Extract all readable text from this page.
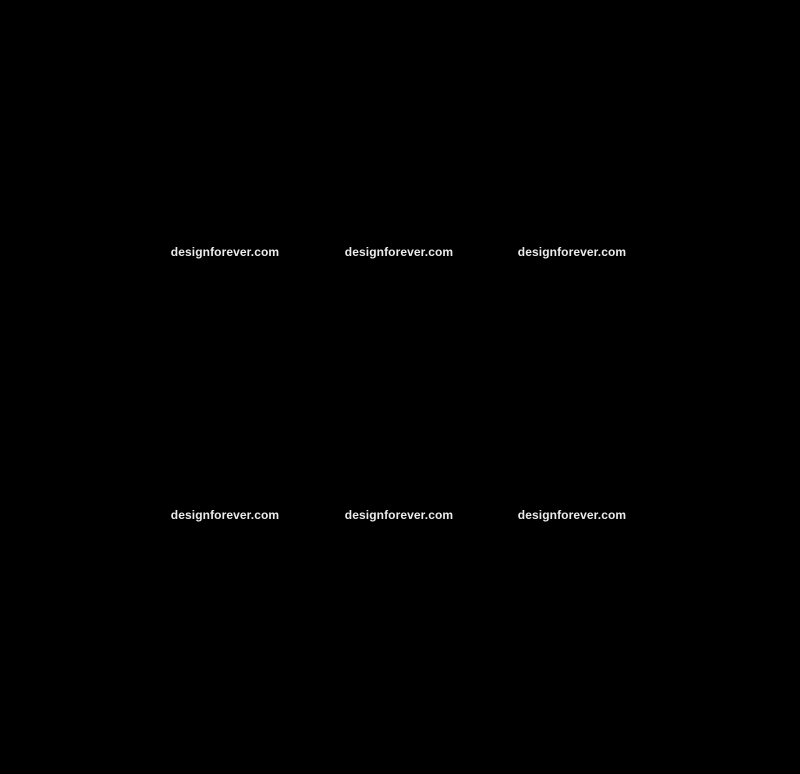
designforever.com	designforever.com	designforever.com
designforever.com	designforever.com	designforever.com
